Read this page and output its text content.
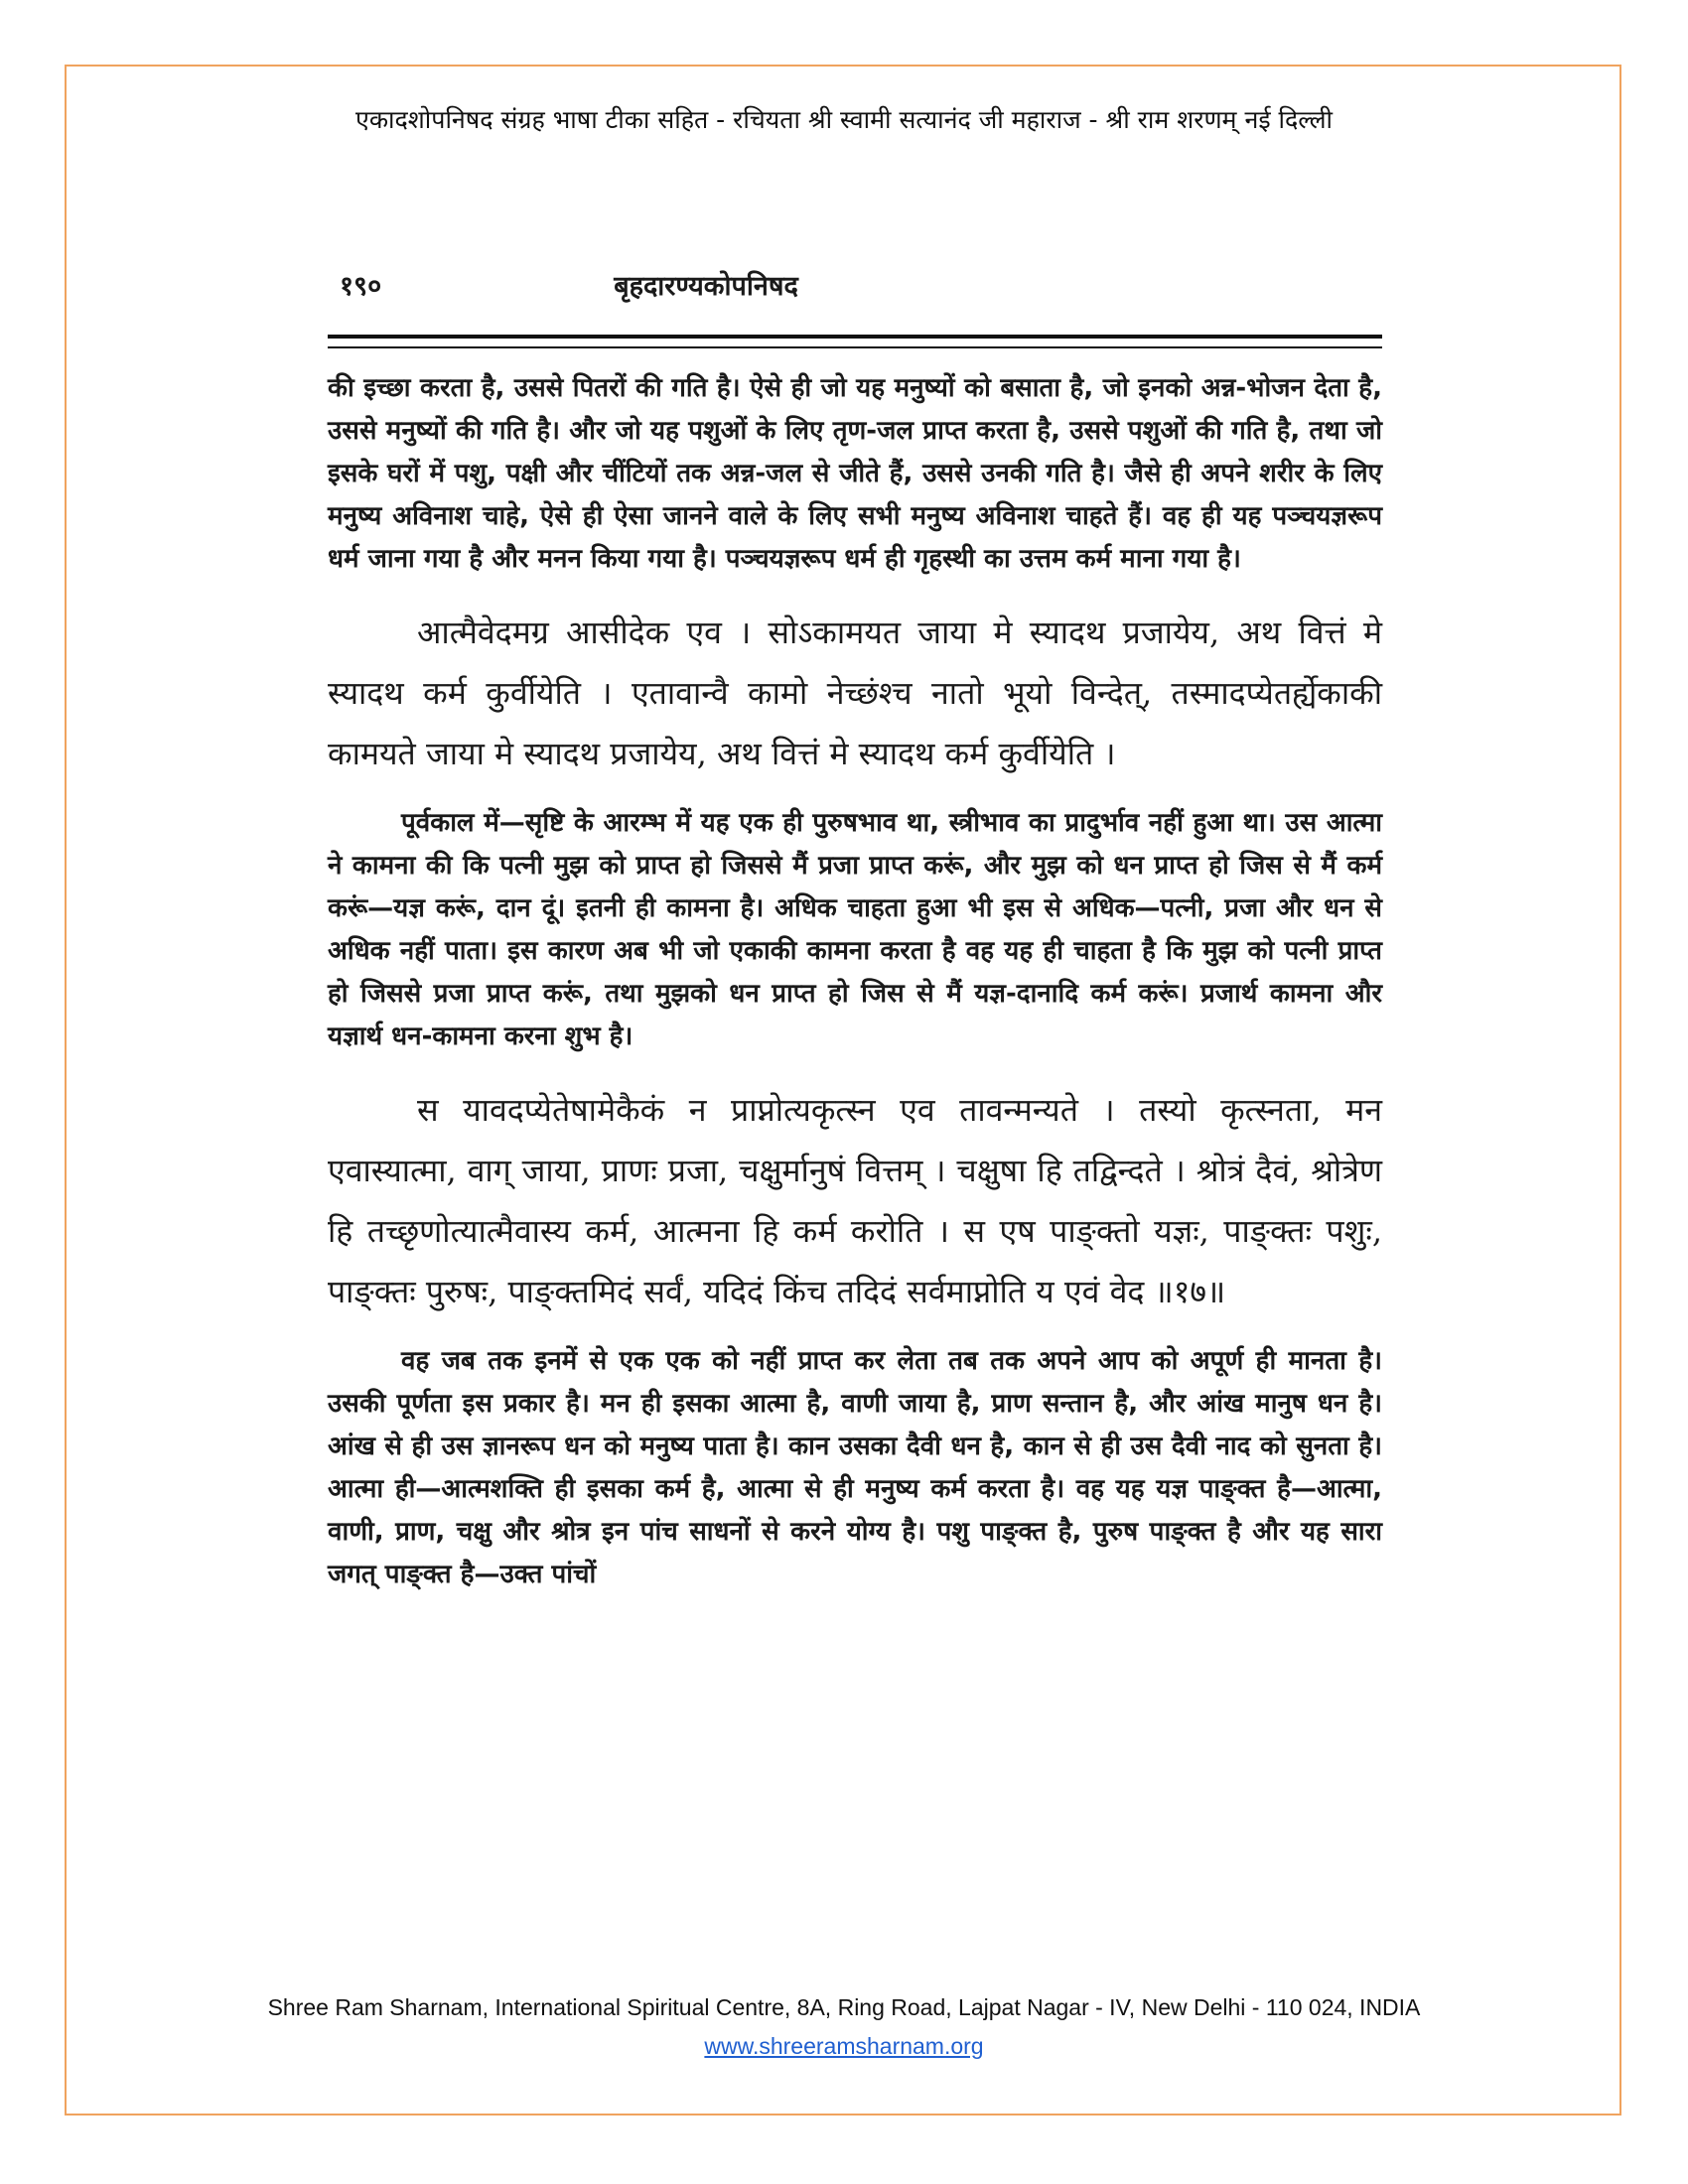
एकादशोपनिषद संग्रह भाषा टीका सहित - रचियता श्री स्वामी सत्यानंद जी महाराज - श्री राम शरणम् नई दिल्ली
१९०	बृहदारण्यकोपनिषद

की इच्छा करता है, उससे पितरों की गति है। ऐसे ही जो यह मनुष्यों को बसाता है, जो इनको अन्न-भोजन देता है, उससे मनुष्यों की गति है। और जो यह पशुओं के लिए तृण-जल प्राप्त करता है, उससे पशुओं की गति है, तथा जो इसके घरों में पशु, पक्षी और चींटियों तक अन्न-जल से जीते हैं, उससे उनकी गति है। जैसे ही अपने शरीर के लिए मनुष्य अविनाश चाहे, ऐसे ही ऐसा जानने वाले के लिए सभी मनुष्य अविनाश चाहते हैं। वह ही यह पञ्चयज्ञरूप धर्म जाना गया है और मनन किया गया है। पञ्चयज्ञरूप धर्म ही गृहस्थी का उत्तम कर्म माना गया है।

आत्मैवेदमग्र आसीदेक एव । सोऽकामयत जाया मे स्यादथ प्रजायेय, अथ वित्तं मे स्यादथ कर्म कुर्वीयेति । एतावान्वै कामो नेच्छंश्च नातो भूयो विन्देत्, तस्मादप्येतर्ह्येकाकी कामयते जाया मे स्यादथ प्रजायेय, अथ वित्तं मे स्यादथ कर्म कुर्वीयेति ।

पूर्वकाल में—सृष्टि के आरम्भ में यह एक ही पुरुषभाव था, स्त्रीभाव का प्रादुर्भाव नहीं हुआ था। उस आत्मा ने कामना की कि पत्नी मुझ को प्राप्त हो जिससे मैं प्रजा प्राप्त करूं, और मुझ को धन प्राप्त हो जिस से मैं कर्म करूं—यज्ञ करूं, दान दूं। इतनी ही कामना है। अधिक चाहता हुआ भी इस से अधिक—पत्नी, प्रजा और धन से अधिक नहीं पाता। इस कारण अब भी जो एकाकी कामना करता है वह यह ही चाहता है कि मुझ को पत्नी प्राप्त हो जिससे प्रजा प्राप्त करूं, तथा मुझको धन प्राप्त हो जिस से मैं यज्ञ-दानादि कर्म करूं। प्रजार्थ कामना और यज्ञार्थ धन-कामना करना शुभ है।

स यावदप्येतेषामेकैकं न प्राप्नोत्यकृत्स्न एव तावन्मन्यते । तस्यो कृत्स्नता, मन एवास्यात्मा, वाग् जाया, प्राणः प्रजा, चक्षुर्मानुषं वित्तम् । चक्षुषा हि तद्विन्दते । श्रोत्रं दैवं, श्रोत्रेण हि तच्छृणोत्यात्मैवास्य कर्म, आत्मना हि कर्म करोति । स एष पाङ्क्तो यज्ञः, पाङ्क्तः पशुः, पाङ्क्तः पुरुषः, पाङ्क्तमिदं सर्वं, यदिदं किंच तदिदं सर्वमाप्नोति य एवं वेद ॥१७॥

वह जब तक इनमें से एक एक को नहीं प्राप्त कर लेता तब तक अपने आप को अपूर्ण ही मानता है। उसकी पूर्णता इस प्रकार है। मन ही इसका आत्मा है, वाणी जाया है, प्राण सन्तान है, और आंख मानुष धन है। आंख से ही उस ज्ञानरूप धन को मनुष्य पाता है। कान उसका दैवी धन है, कान से ही उस दैवी नाद को सुनता है। आत्मा ही—आत्मशक्ति ही इसका कर्म है, आत्मा से ही मनुष्य कर्म करता है। वह यह यज्ञ पाङ्क्त है—आत्मा, वाणी, प्राण, चक्षु और श्रोत्र इन पांच साधनों से करने योग्य है। पशु पाङ्क्त है, पुरुष पाङ्क्त है और यह सारा जगत् पाङ्क्त है—उक्त पांचों

Shree Ram Sharnam, International Spiritual Centre, 8A, Ring Road, Lajpat Nagar - IV, New Delhi - 110 024, INDIA
www.shreeramsharnam.org
